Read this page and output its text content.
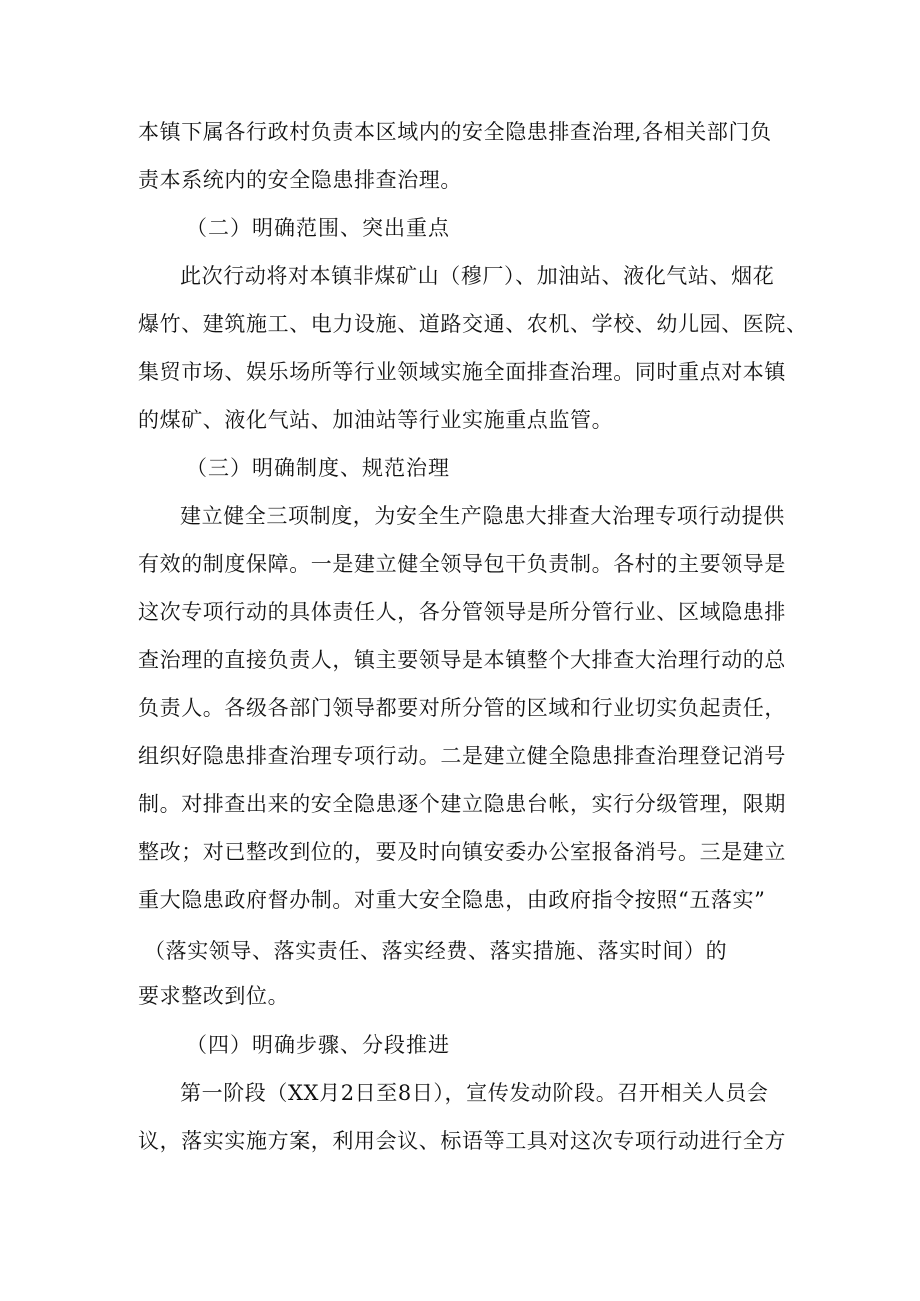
本镇下属各行政村负责本区域内的安全隐患排查治理,各相关部门负
责本系统内的安全隐患排查治理。
（二）明确范围、突出重点
此次行动将对本镇非煤矿山（穆厂）、加油站、液化气站、烟花
爆竹、建筑施工、电力设施、道路交通、农机、学校、幼儿园、医院、
集贸市场、娱乐场所等行业领域实施全面排查治理。同时重点对本镇
的煤矿、液化气站、加油站等行业实施重点监管。
（三）明确制度、规范治理
建立健全三项制度，为安全生产隐患大排查大治理专项行动提供
有效的制度保障。一是建立健全领导包干负责制。各村的主要领导是
这次专项行动的具体责任人，各分管领导是所分管行业、区域隐患排
查治理的直接负责人，镇主要领导是本镇整个大排查大治理行动的总
负责人。各级各部门领导都要对所分管的区域和行业切实负起责任，
组织好隐患排查治理专项行动。二是建立健全隐患排查治理登记消号
制。对排查出来的安全隐患逐个建立隐患台帐，实行分级管理，限期
整改；对已整改到位的，要及时向镇安委办公室报备消号。三是建立
重大隐患政府督办制。对重大安全隐患，由政府指令按照“五落实”
（落实领导、落实责任、落实经费、落实措施、落实时间）的
要求整改到位。
（四）明确步骤、分段推进
第一阶段（XX月2日至8日），宣传发动阶段。召开相关人员会
议，落实实施方案，利用会议、标语等工具对这次专项行动进行全方
